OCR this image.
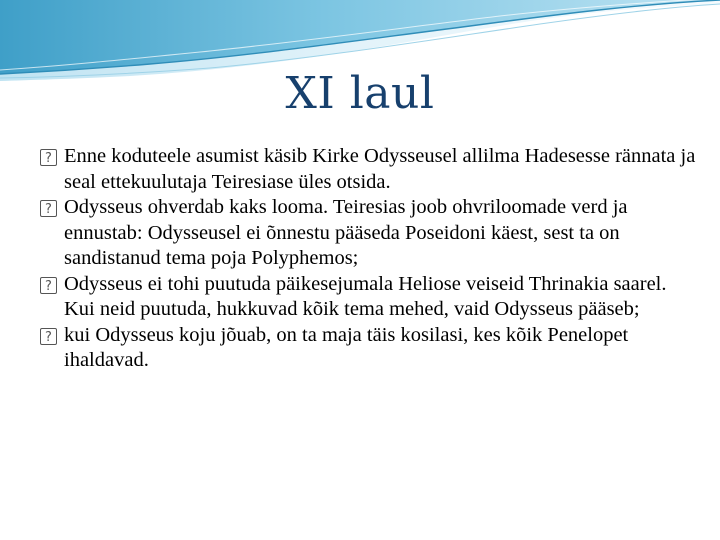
XI laul

?
Enne koduteele asumist käsib Kirke Odysseusel allilma Hadesesse rännata ja seal ettekuulutaja Teiresiase üles otsida.

?
Odysseus ohverdab kaks looma. Teiresias joob ohvriloomade verd ja ennustab: Odysseusel ei õnnestu pääseda Poseidoni käest, sest ta on sandistanud tema poja Polyphemos;

?
Odysseus ei tohi puutuda päikesejumala Heliose veiseid Thrinakia saarel. Kui neid puutuda, hukkuvad kõik tema mehed, vaid Odysseus pääseb;

?
kui Odysseus koju jõuab, on ta maja täis kosilasi, kes kõik Penelopet ihaldavad.
